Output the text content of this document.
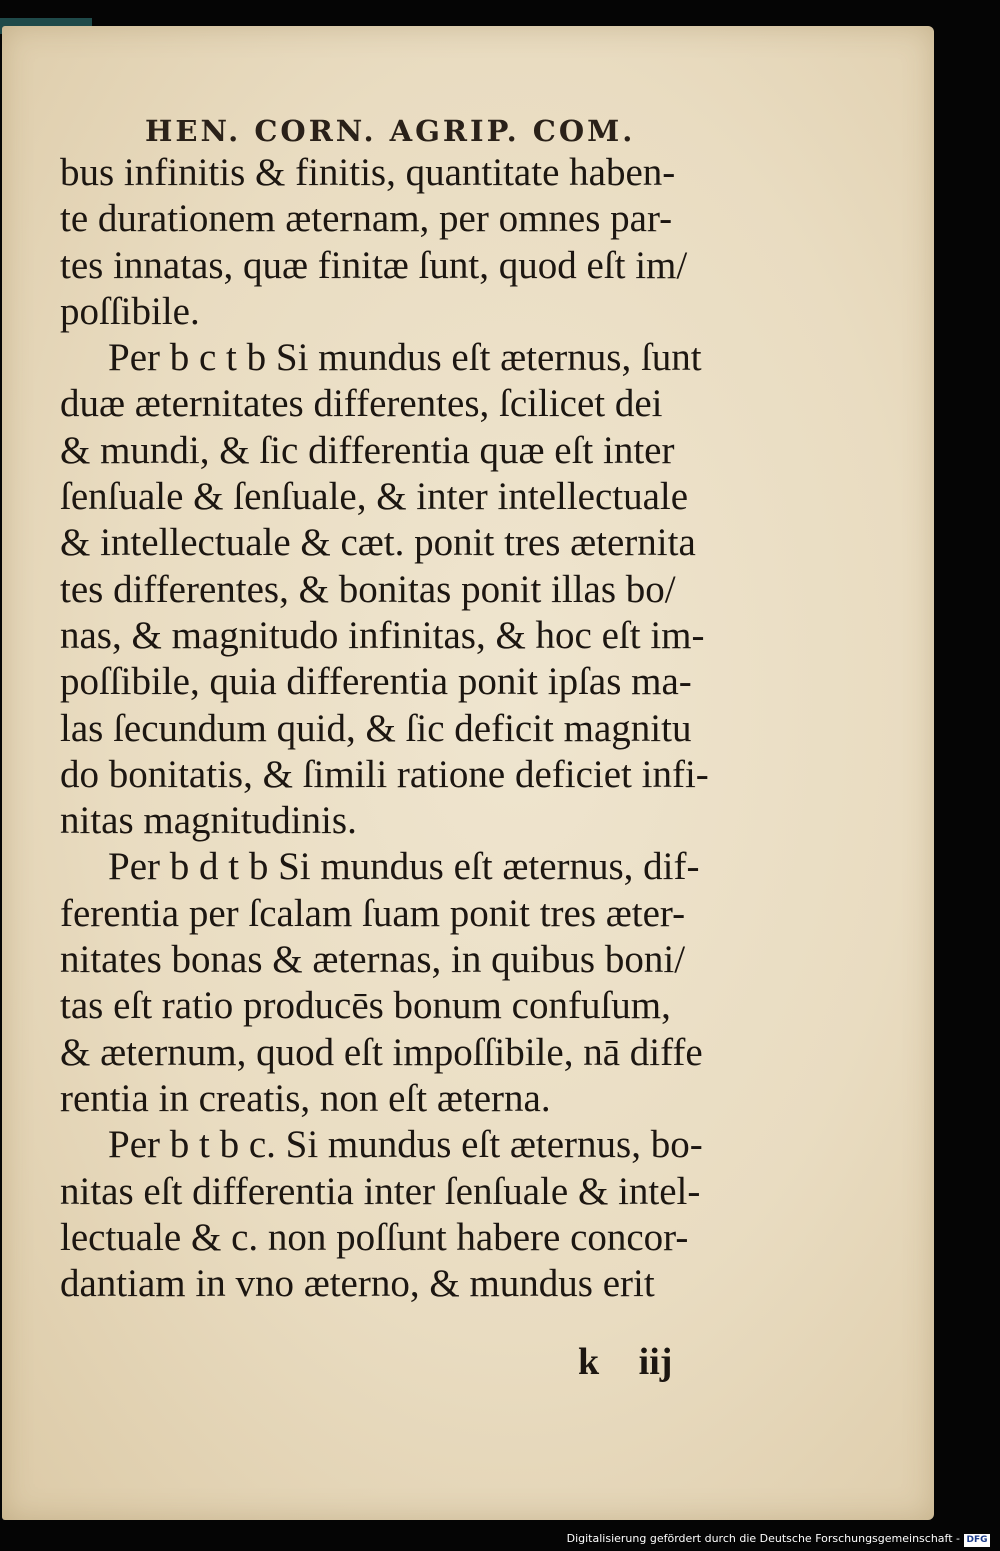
HEN. CORN. AGRIP. COM.
bus infinitis & finitis, quantitate haben-
te durationem æternam, per omnes par-
tes innatas, quæ finitæ ſunt, quod eſt im/
poſſibile.
Per b c t b Si mundus eſt æternus, ſunt
duæ æternitates differentes, ſcilicet dei
& mundi, & ſic differentia quæ eſt inter
ſenſuale & ſenſuale, & inter intellectuale
& intellectuale & cæt. ponit tres æternita
tes differentes, & bonitas ponit illas bo/
nas, & magnitudo infinitas, & hoc eſt im-
poſſibile, quia differentia ponit ipſas ma-
las ſecundum quid, & ſic deficit magnitu
do bonitatis, & ſimili ratione deficiet infi-
nitas magnitudinis.
Per b d t b Si mundus eſt æternus, dif-
ferentia per ſcalam ſuam ponit tres æter-
nitates bonas & æternas, in quibus boni/
tas eſt ratio producēs bonum confuſum,
& æternum, quod eſt impoſſibile, nā diffe
rentia in creatis, non eſt æterna.
Per b t b c. Si mundus eſt æternus, bo-
nitas eſt differentia inter ſenſuale & intel-
lectuale & c. non poſſunt habere concor-
dantiam in vno æterno, & mundus erit
k iij
Digitalisierung gefördert durch die Deutsche Forschungsgemeinschaft - DFG
